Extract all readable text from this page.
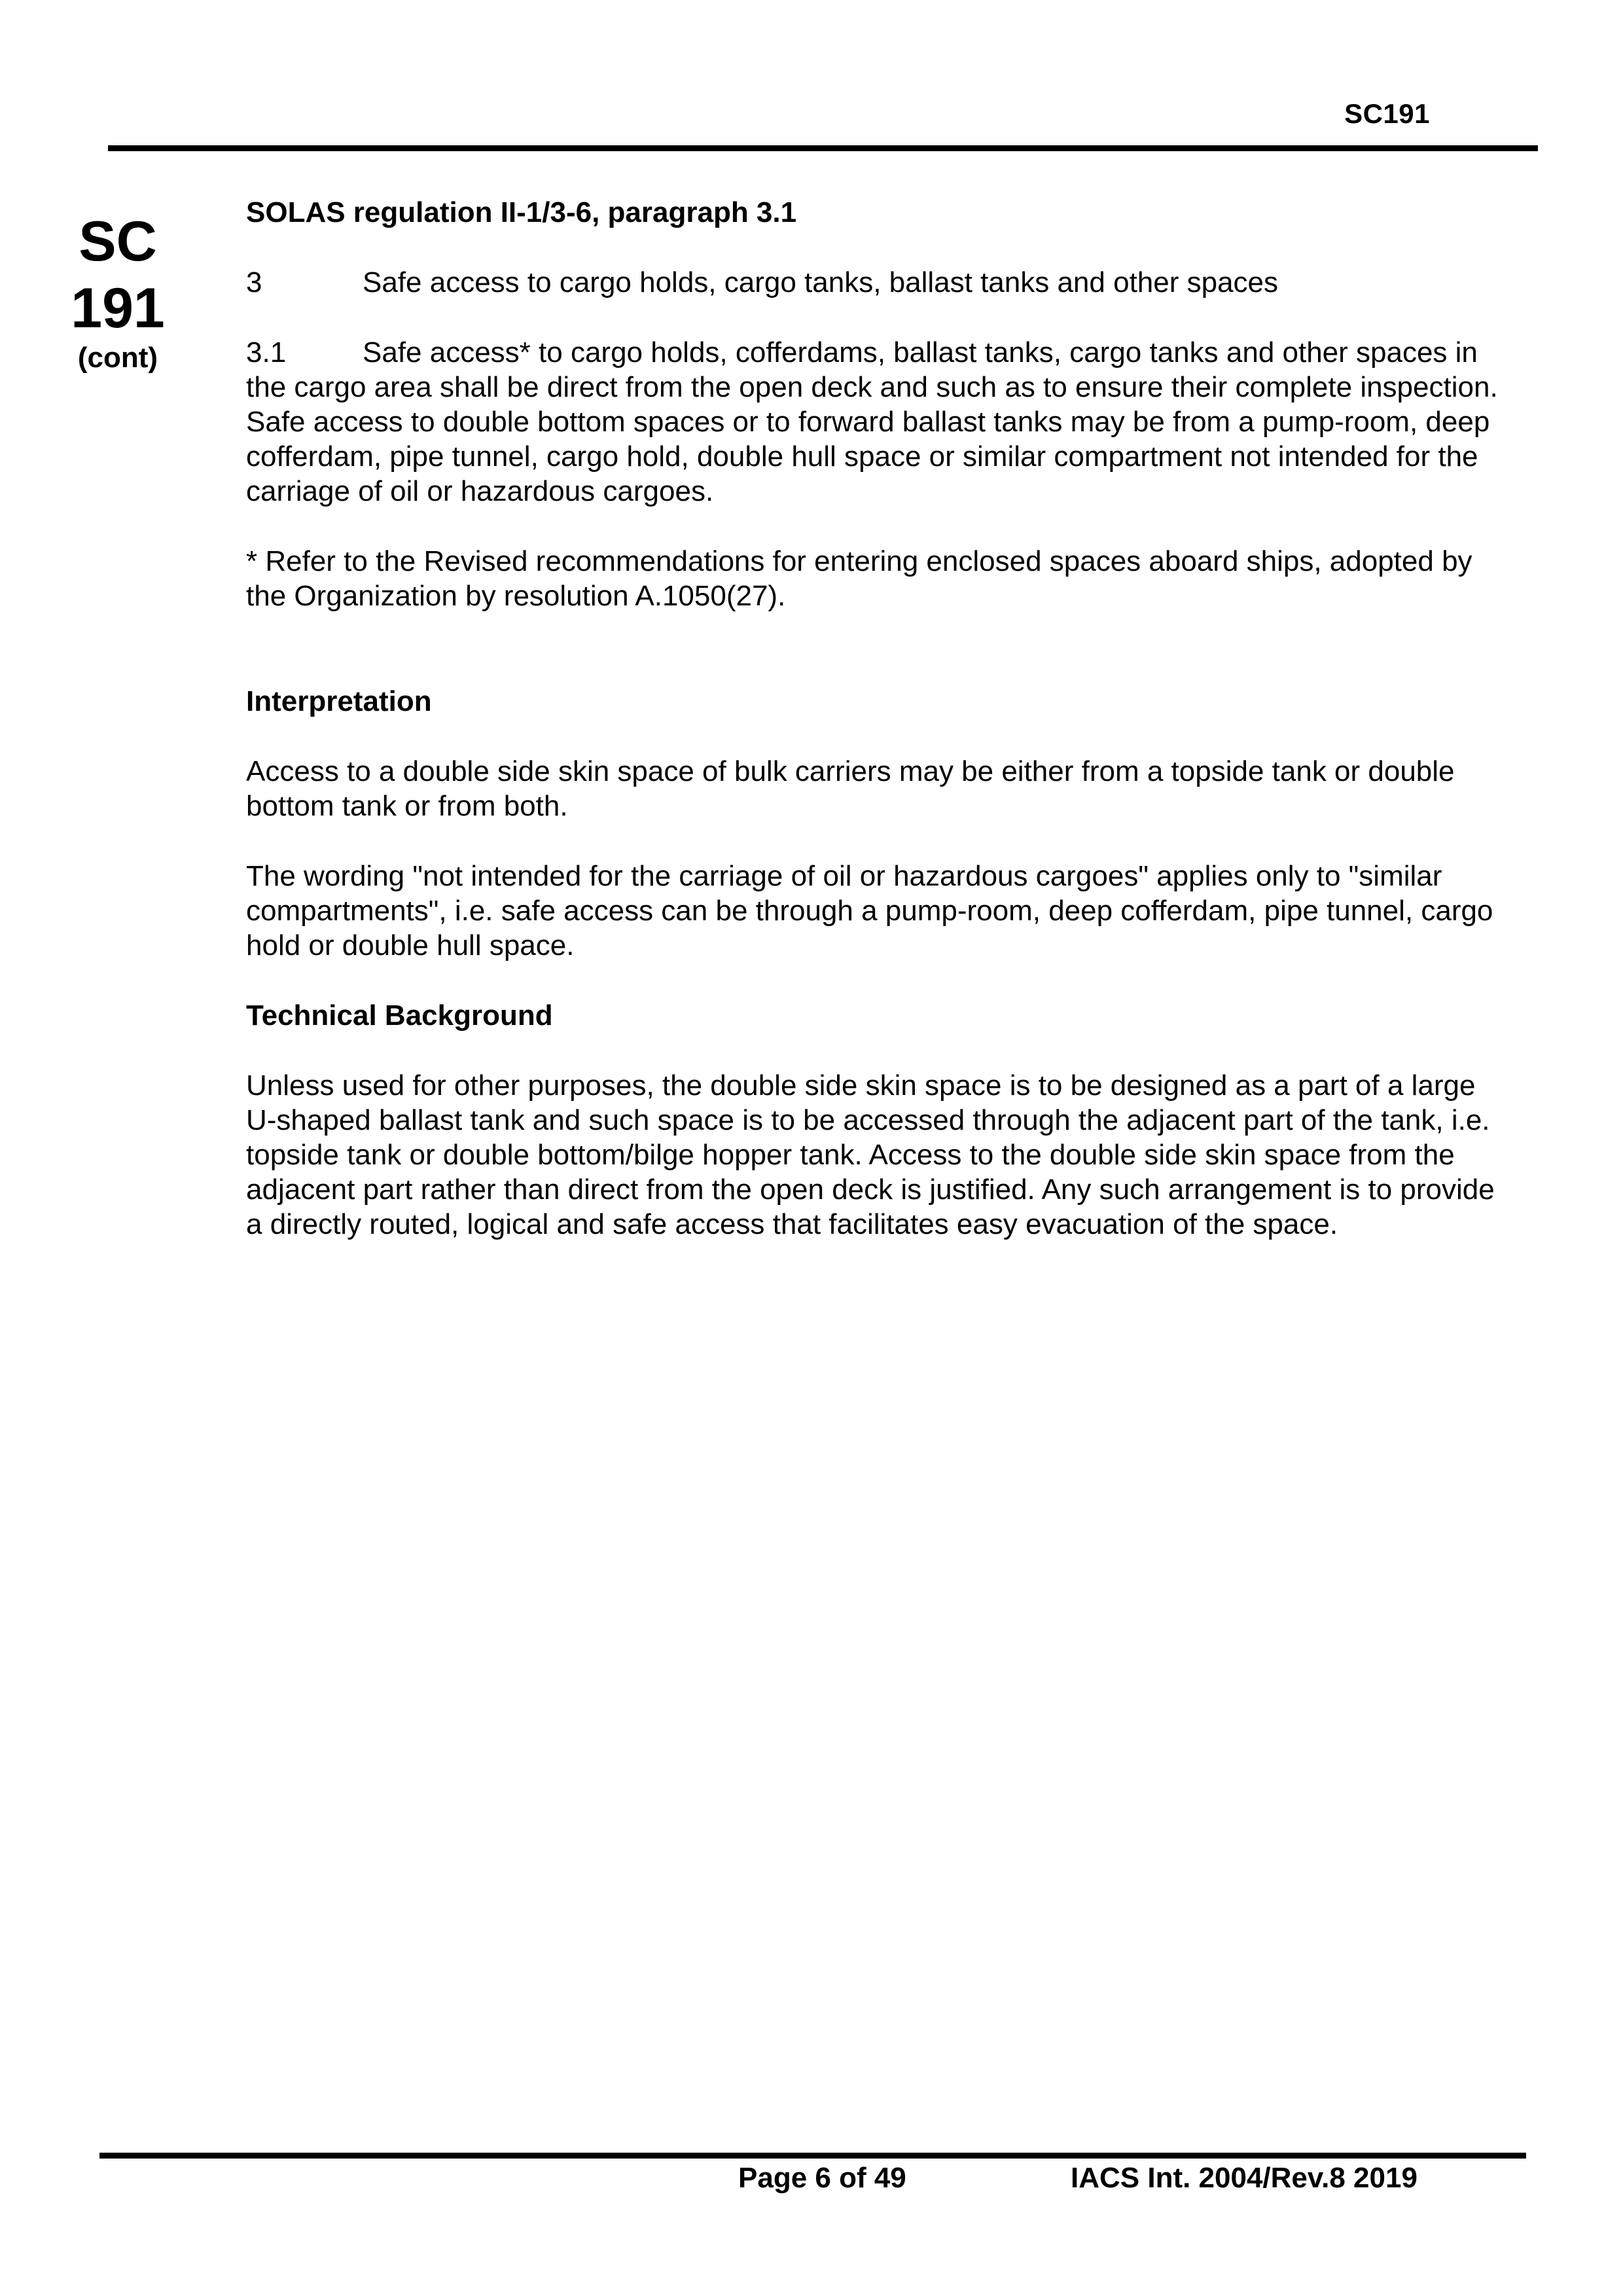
SC191
SC
191
(cont)

SOLAS regulation II-1/3-6, paragraph 3.1

3	Safe access to cargo holds, cargo tanks, ballast tanks and other spaces

3.1	Safe access* to cargo holds, cofferdams, ballast tanks, cargo tanks and other spaces in the cargo area shall be direct from the open deck and such as to ensure their complete inspection. Safe access to double bottom spaces or to forward ballast tanks may be from a pump-room, deep cofferdam, pipe tunnel, cargo hold, double hull space or similar compartment not intended for the carriage of oil or hazardous cargoes.

* Refer to the Revised recommendations for entering enclosed spaces aboard ships, adopted by the Organization by resolution A.1050(27).

Interpretation

Access to a double side skin space of bulk carriers may be either from a topside tank or double bottom tank or from both.

The wording "not intended for the carriage of oil or hazardous cargoes" applies only to "similar compartments", i.e. safe access can be through a pump-room, deep cofferdam, pipe tunnel, cargo hold or double hull space.

Technical Background

Unless used for other purposes, the double side skin space is to be designed as a part of a large U-shaped ballast tank and such space is to be accessed through the adjacent part of the tank, i.e. topside tank or double bottom/bilge hopper tank. Access to the double side skin space from the adjacent part rather than direct from the open deck is justified. Any such arrangement is to provide a directly routed, logical and safe access that facilitates easy evacuation of the space.

Page 6 of 49	IACS Int. 2004/Rev.8 2019
